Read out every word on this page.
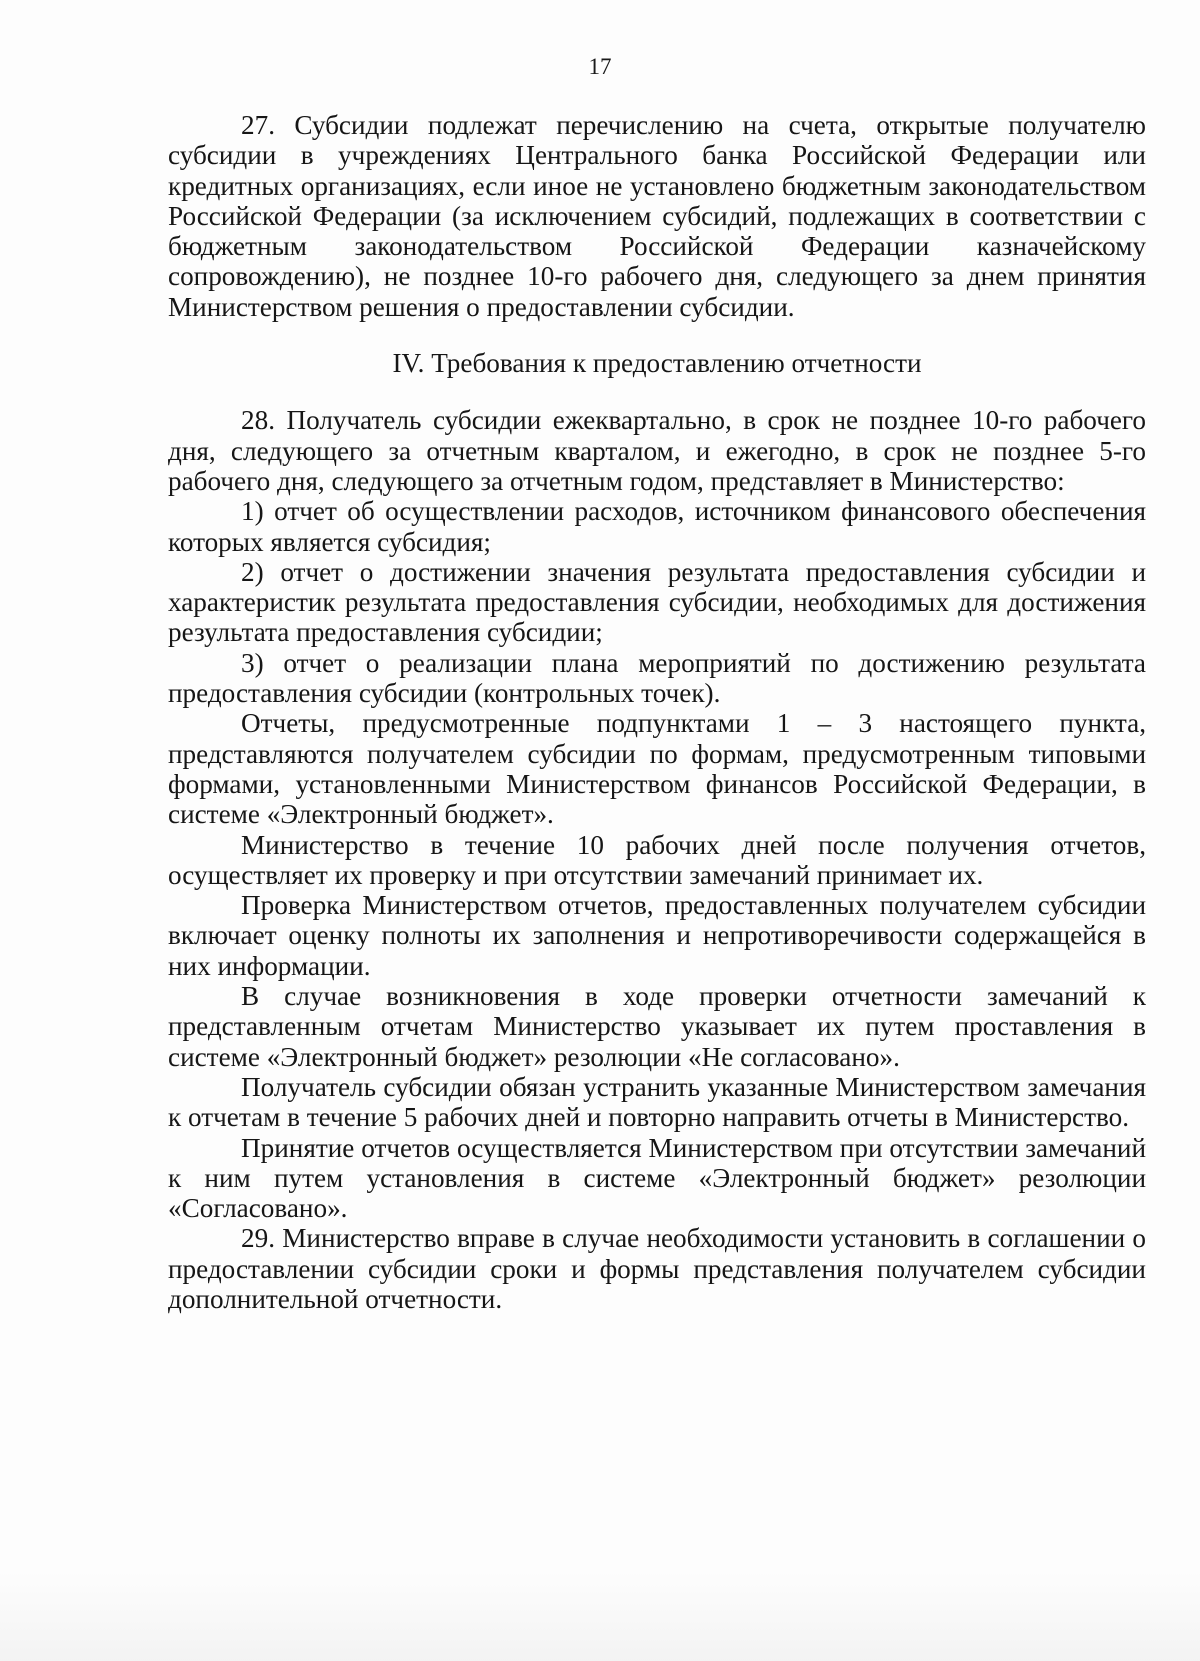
17

27. Субсидии подлежат перечислению на счета, открытые получателю субсидии в учреждениях Центрального банка Российской Федерации или кредитных организациях, если иное не установлено бюджетным законодательством Российской Федерации (за исключением субсидий, подлежащих в соответствии с бюджетным законодательством Российской Федерации казначейскому сопровождению), не позднее 10-го рабочего дня, следующего за днем принятия Министерством решения о предоставлении субсидии.

IV. Требования к предоставлению отчетности

28. Получатель субсидии ежеквартально, в срок не позднее 10-го рабочего дня, следующего за отчетным кварталом, и ежегодно, в срок не позднее 5-го рабочего дня, следующего за отчетным годом, представляет в Министерство:

1) отчет об осуществлении расходов, источником финансового обеспечения которых является субсидия;

2) отчет о достижении значения результата предоставления субсидии и характеристик результата предоставления субсидии, необходимых для достижения результата предоставления субсидии;

3) отчет о реализации плана мероприятий по достижению результата предоставления субсидии (контрольных точек).

Отчеты, предусмотренные подпунктами 1 – 3 настоящего пункта, представляются получателем субсидии по формам, предусмотренным типовыми формами, установленными Министерством финансов Российской Федерации, в системе «Электронный бюджет».

Министерство в течение 10 рабочих дней после получения отчетов, осуществляет их проверку и при отсутствии замечаний принимает их.

Проверка Министерством отчетов, предоставленных получателем субсидии включает оценку полноты их заполнения и непротиворечивости содержащейся в них информации.

В случае возникновения в ходе проверки отчетности замечаний к представленным отчетам Министерство указывает их путем проставления в системе «Электронный бюджет» резолюции «Не согласовано».

Получатель субсидии обязан устранить указанные Министерством замечания к отчетам в течение 5 рабочих дней и повторно направить отчеты в Министерство.

Принятие отчетов осуществляется Министерством при отсутствии замечаний к ним путем установления в системе «Электронный бюджет» резолюции «Согласовано».

29. Министерство вправе в случае необходимости установить в соглашении о предоставлении субсидии сроки и формы представления получателем субсидии дополнительной отчетности.
